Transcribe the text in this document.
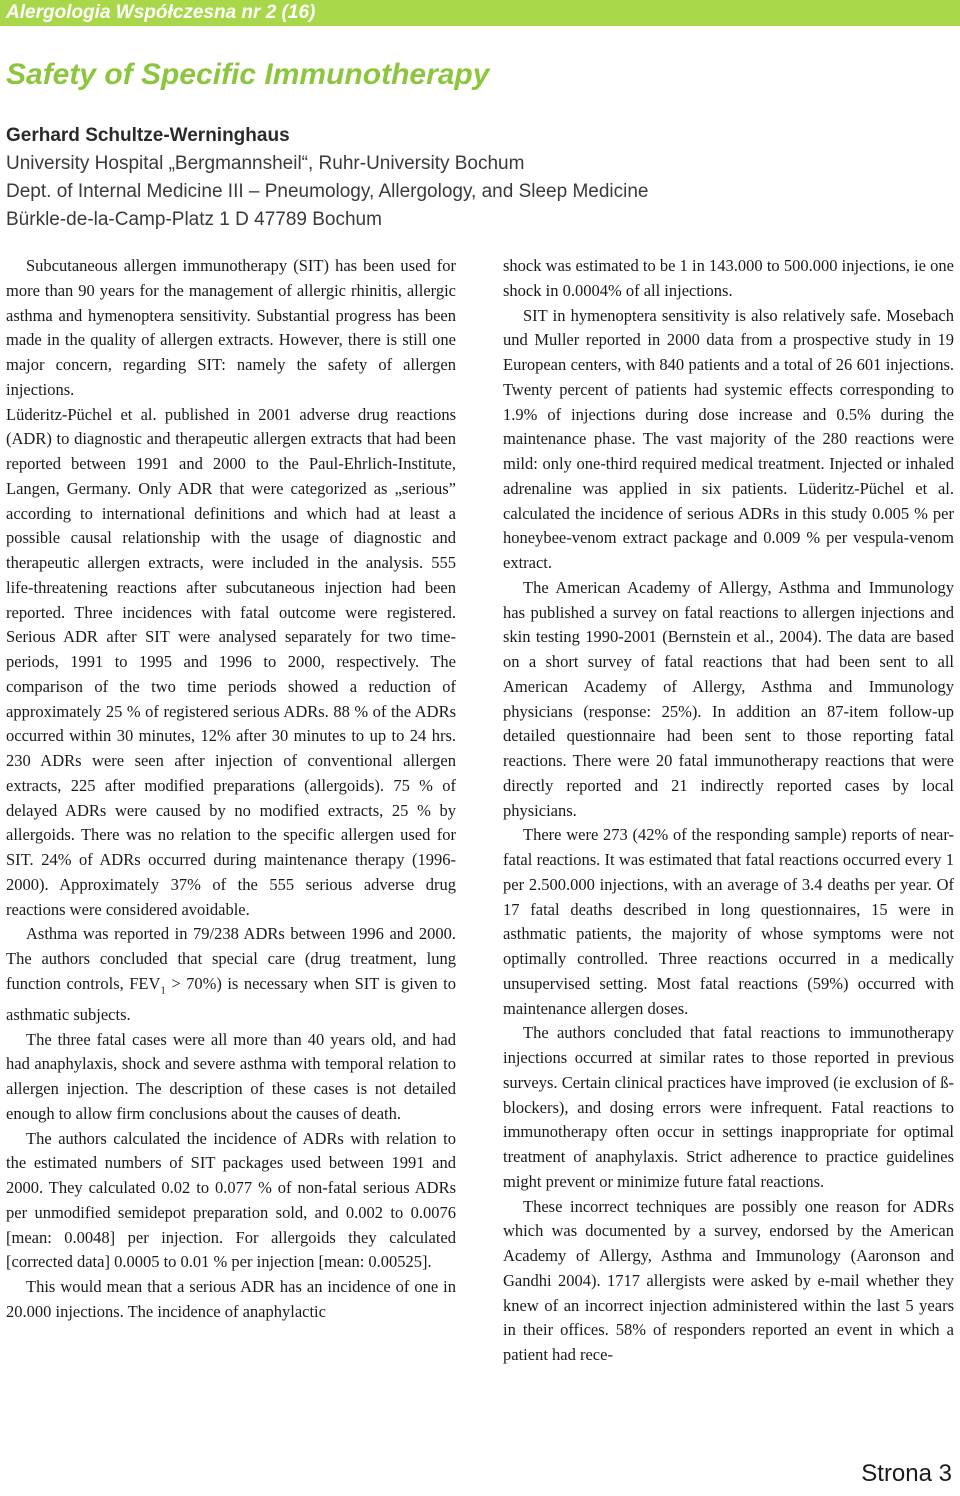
Alergologia Współczesna nr 2 (16)
Safety of Specific Immunotherapy
Gerhard Schultze-Werninghaus
University Hospital „Bergmannsheil“, Ruhr-University Bochum
Dept. of Internal Medicine III – Pneumology, Allergology, and Sleep Medicine
Bürkle-de-la-Camp-Platz 1 D 47789 Bochum

Subcutaneous allergen immunotherapy (SIT) has been used for more than 90 years for the management of allergic rhinitis, allergic asthma and hymenoptera sensitivity. Substantial progress has been made in the quality of allergen extracts. However, there is still one major concern, regarding SIT: namely the safety of allergen injections.

Lüderitz-Püchel et al. published in 2001 adverse drug reactions (ADR) to diagnostic and therapeutic allergen extracts that had been reported between 1991 and 2000 to the Paul-Ehrlich-Institute, Langen, Germany. Only ADR that were categorized as „serious” according to international definitions and which had at least a possible causal relationship with the usage of diagnostic and therapeutic allergen extracts, were included in the analysis. 555 life-threatening reactions after subcutaneous injection had been reported. Three incidences with fatal outcome were registered. Serious ADR after SIT were analysed separately for two time-periods, 1991 to 1995 and 1996 to 2000, respectively. The comparison of the two time periods showed a reduction of approximately 25 % of registered serious ADRs. 88 % of the ADRs occurred within 30 minutes, 12% after 30 minutes to up to 24 hrs. 230 ADRs were seen after injection of conventional allergen extracts, 225 after modified preparations (allergoids). 75 % of delayed ADRs were caused by no modified extracts, 25 % by allergoids. There was no relation to the specific allergen used for SIT. 24% of ADRs occurred during maintenance therapy (1996-2000). Approximately 37% of the 555 serious adverse drug reactions were considered avoidable.

Asthma was reported in 79/238 ADRs between 1996 and 2000. The authors concluded that special care (drug treatment, lung function controls, $FEV_1 > 70\%$) is necessary when SIT is given to asthmatic subjects.

The three fatal cases were all more than 40 years old, and had had anaphylaxis, shock and severe asthma with temporal relation to allergen injection. The description of these cases is not detailed enough to allow firm conclusions about the causes of death.

The authors calculated the incidence of ADRs with relation to the estimated numbers of SIT packages used between 1991 and 2000. They calculated 0.02 to 0.077 % of non-fatal serious ADRs per unmodified semidepot preparation sold, and 0.002 to 0.0076 [mean: 0.0048] per injection. For allergoids they calculated [corrected data] 0.0005 to 0.01 % per injection [mean: 0.00525].

This would mean that a serious ADR has an incidence of one in 20.000 injections. The incidence of anaphylactic

shock was estimated to be 1 in 143.000 to 500.000 injections, ie one shock in 0.0004% of all injections.

SIT in hymenoptera sensitivity is also relatively safe. Mosebach und Muller reported in 2000 data from a prospective study in 19 European centers, with 840 patients and a total of 26 601 injections. Twenty percent of patients had systemic effects corresponding to 1.9% of injections during dose increase and 0.5% during the maintenance phase. The vast majority of the 280 reactions were mild: only one-third required medical treatment. Injected or inhaled adrenaline was applied in six patients. Lüderitz-Püchel et al. calculated the incidence of serious ADRs in this study 0.005 % per honeybee-venom extract package and 0.009 % per vespula-venom extract.

The American Academy of Allergy, Asthma and Immunology has published a survey on fatal reactions to allergen injections and skin testing 1990-2001 (Bernstein et al., 2004). The data are based on a short survey of fatal reactions that had been sent to all American Academy of Allergy, Asthma and Immunology physicians (response: 25%). In addition an 87-item follow-up detailed questionnaire had been sent to those reporting fatal reactions. There were 20 fatal immunotherapy reactions that were directly reported and 21 indirectly reported cases by local physicians.

There were 273 (42% of the responding sample) reports of near-fatal reactions. It was estimated that fatal reactions occurred every 1 per 2.500.000 injections, with an average of 3.4 deaths per year. Of 17 fatal deaths described in long questionnaires, 15 were in asthmatic patients, the majority of whose symptoms were not optimally controlled. Three reactions occurred in a medically unsupervised setting. Most fatal reactions (59%) occurred with maintenance allergen doses.

The authors concluded that fatal reactions to immunotherapy injections occurred at similar rates to those reported in previous surveys. Certain clinical practices have improved (ie exclusion of ß-blockers), and dosing errors were infrequent. Fatal reactions to immunotherapy often occur in settings inappropriate for optimal treatment of anaphylaxis. Strict adherence to practice guidelines might prevent or minimize future fatal reactions.

These incorrect techniques are possibly one reason for ADRs which was documented by a survey, endorsed by the American Academy of Allergy, Asthma and Immunology (Aaronson and Gandhi 2004). 1717 allergists were asked by e-mail whether they knew of an incorrect injection administered within the last 5 years in their offices. 58% of responders reported an event in which a patient had rece-

Strona 3
